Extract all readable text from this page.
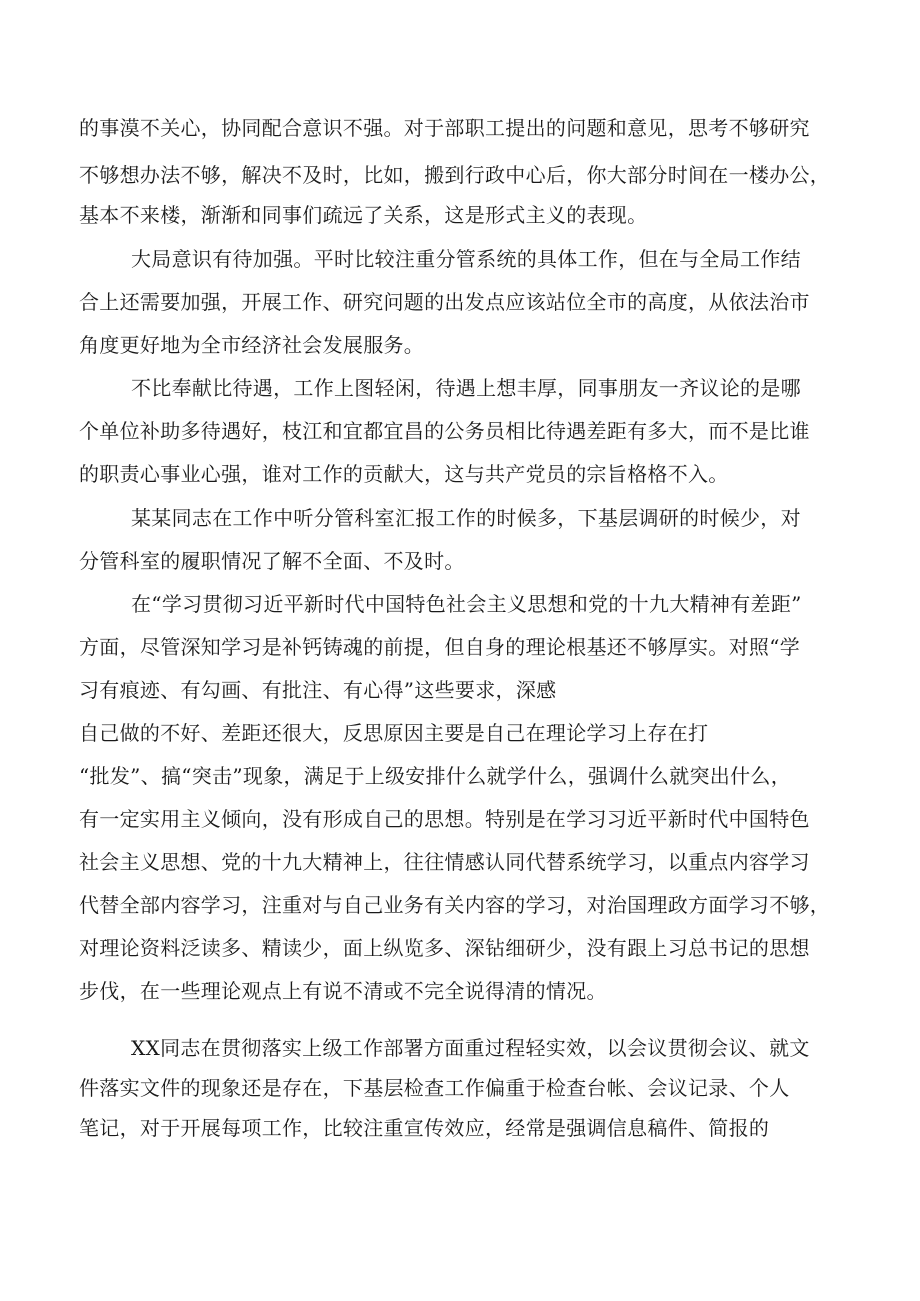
的事漠不关心，协同配合意识不强。对于部职工提出的问题和意见，思考不够研究
不够想办法不够，解决不及时，比如，搬到行政中心后，你大部分时间在一楼办公，
基本不来楼，渐渐和同事们疏远了关系，这是形式主义的表现。
大局意识有待加强。平时比较注重分管系统的具体工作，但在与全局工作结
合上还需要加强，开展工作、研究问题的出发点应该站位全市的高度，从依法治市
角度更好地为全市经济社会发展服务。
不比奉献比待遇，工作上图轻闲，待遇上想丰厚，同事朋友一齐议论的是哪
个单位补助多待遇好，枝江和宜都宜昌的公务员相比待遇差距有多大，而不是比谁
的职责心事业心强，谁对工作的贡献大，这与共产党员的宗旨格格不入。
某某同志在工作中听分管科室汇报工作的时候多，下基层调研的时候少，对
分管科室的履职情况了解不全面、不及时。
在“学习贯彻习近平新时代中国特色社会主义思想和党的十九大精神有差距”
方面，尽管深知学习是补钙铸魂的前提，但自身的理论根基还不够厚实。对照“学
习有痕迹、有勾画、有批注、有心得”这些要求，深感
自己做的不好、差距还很大，反思原因主要是自己在理论学习上存在打
“批发”、搞“突击”现象，满足于上级安排什么就学什么，强调什么就突出什么，
有一定实用主义倾向，没有形成自己的思想。特别是在学习习近平新时代中国特色
社会主义思想、党的十九大精神上，往往情感认同代替系统学习，以重点内容学习
代替全部内容学习，注重对与自己业务有关内容的学习，对治国理政方面学习不够，
对理论资料泛读多、精读少，面上纵览多、深钻细研少，没有跟上习总书记的思想
步伐，在一些理论观点上有说不清或不完全说得清的情况。
XX同志在贯彻落实上级工作部署方面重过程轻实效，以会议贯彻会议、就文
件落实文件的现象还是存在，下基层检查工作偏重于检查台帐、会议记录、个人
笔记，对于开展每项工作，比较注重宣传效应，经常是强调信息稿件、简报的
